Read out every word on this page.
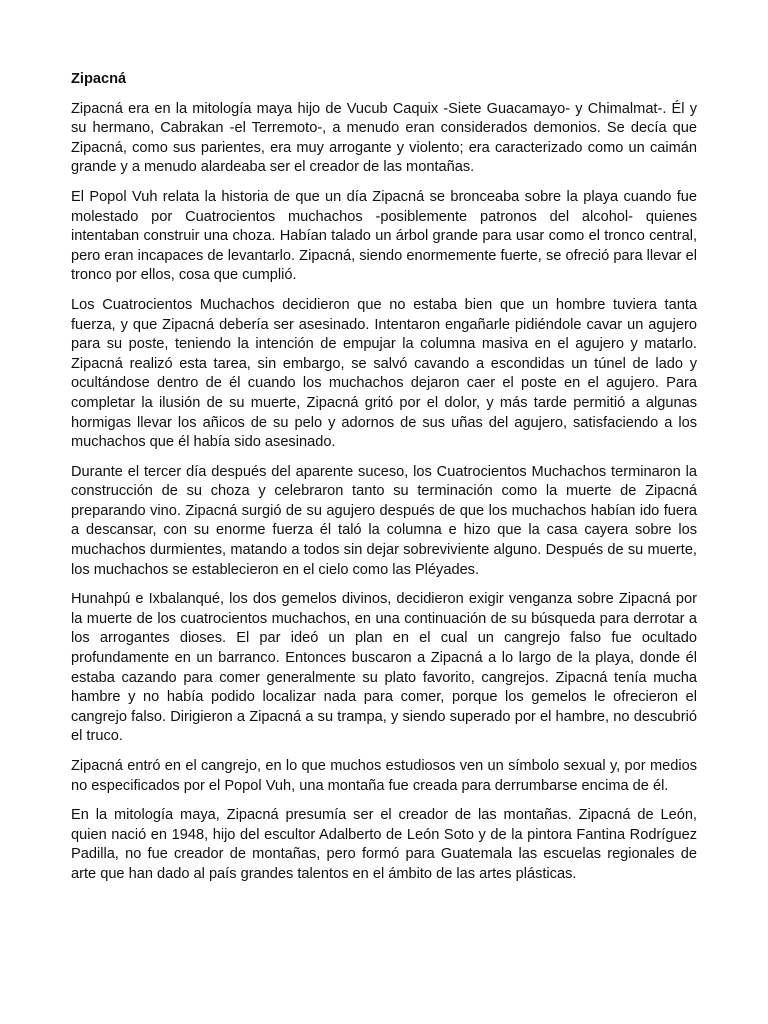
Zipacná

Zipacná era en la mitología maya hijo de Vucub Caquix -Siete Guacamayo- y Chimalmat-. Él y su hermano, Cabrakan -el Terremoto-, a menudo eran considerados demonios. Se decía que Zipacná, como sus parientes, era muy arrogante y violento; era caracterizado como un caimán grande y a menudo alardeaba ser el creador de las montañas.

El Popol Vuh relata la historia de que un día Zipacná se bronceaba sobre la playa cuando fue molestado por Cuatrocientos muchachos -posiblemente patronos del alcohol- quienes intentaban construir una choza. Habían talado un árbol grande para usar como el tronco central, pero eran incapaces de levantarlo. Zipacná, siendo enormemente fuerte, se ofreció para llevar el tronco por ellos, cosa que cumplió.

Los Cuatrocientos Muchachos decidieron que no estaba bien que un hombre tuviera tanta fuerza, y que Zipacná debería ser asesinado. Intentaron engañarle pidiéndole cavar un agujero para su poste, teniendo la intención de empujar la columna masiva en el agujero y matarlo. Zipacná realizó esta tarea, sin embargo, se salvó cavando a escondidas un túnel de lado y ocultándose dentro de él cuando los muchachos dejaron caer el poste en el agujero. Para completar la ilusión de su muerte, Zipacná gritó por el dolor, y más tarde permitió a algunas hormigas llevar los añicos de su pelo y adornos de sus uñas del agujero, satisfaciendo a los muchachos que él había sido asesinado.

Durante el tercer día después del aparente suceso, los Cuatrocientos Muchachos terminaron la construcción de su choza y celebraron tanto su terminación como la muerte de Zipacná preparando vino. Zipacná surgió de su agujero después de que los muchachos habían ido fuera a descansar, con su enorme fuerza él taló la columna e hizo que la casa cayera sobre los muchachos durmientes, matando a todos sin dejar sobreviviente alguno. Después de su muerte, los muchachos se establecieron en el cielo como las Pléyades.

Hunahpú e Ixbalanqué, los dos gemelos divinos, decidieron exigir venganza sobre Zipacná por la muerte de los cuatrocientos muchachos, en una continuación de su búsqueda para derrotar a los arrogantes dioses. El par ideó un plan en el cual un cangrejo falso fue ocultado profundamente en un barranco. Entonces buscaron a Zipacná a lo largo de la playa, donde él estaba cazando para comer generalmente su plato favorito, cangrejos. Zipacná tenía mucha hambre y no había podido localizar nada para comer, porque los gemelos le ofrecieron el cangrejo falso. Dirigieron a Zipacná a su trampa, y siendo superado por el hambre, no descubrió el truco.

Zipacná entró en el cangrejo, en lo que muchos estudiosos ven un símbolo sexual y, por medios no especificados por el Popol Vuh, una montaña fue creada para derrumbarse encima de él.

En la mitología maya, Zipacná presumía ser el creador de las montañas. Zipacná de León, quien nació en 1948, hijo del escultor Adalberto de León Soto y de la pintora Fantina Rodríguez Padilla, no fue creador de montañas, pero formó para Guatemala las escuelas regionales de arte que han dado al país grandes talentos en el ámbito de las artes plásticas.
